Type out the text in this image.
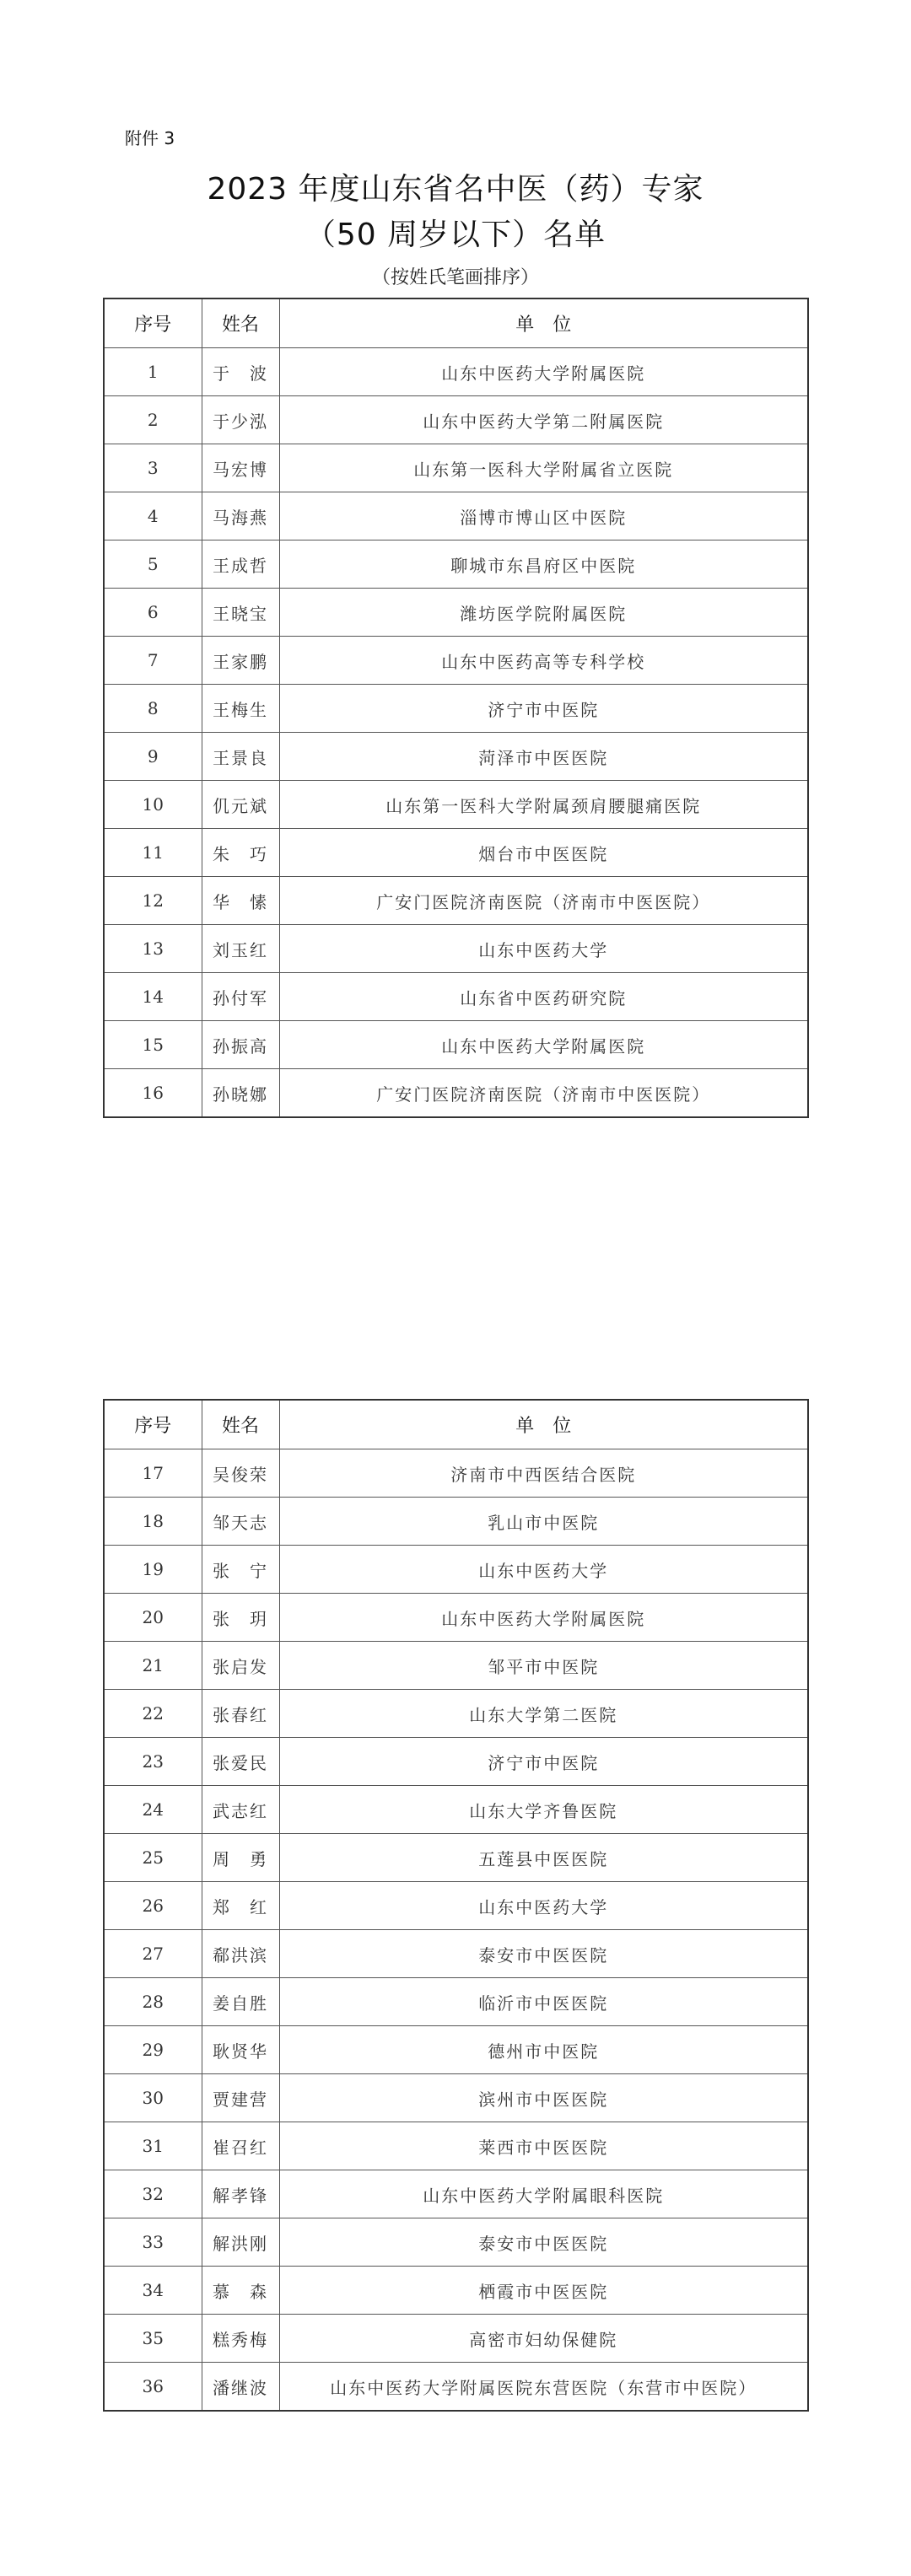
附件 3
2023 年度山东省名中医（药）专家
（50 周岁以下）名单
（按姓氏笔画排序）
序号	姓名	单　位
1	于　波	山东中医药大学附属医院
2	于少泓	山东中医药大学第二附属医院
3	马宏博	山东第一医科大学附属省立医院
4	马海燕	淄博市博山区中医院
5	王成哲	聊城市东昌府区中医院
6	王晓宝	潍坊医学院附属医院
7	王家鹏	山东中医药高等专科学校
8	王梅生	济宁市中医院
9	王景良	菏泽市中医医院
10	仉元斌	山东第一医科大学附属颈肩腰腿痛医院
11	朱　巧	烟台市中医医院
12	华　愫	广安门医院济南医院（济南市中医医院）
13	刘玉红	山东中医药大学
14	孙付军	山东省中医药研究院
15	孙振高	山东中医药大学附属医院
16	孙晓娜	广安门医院济南医院（济南市中医医院）
序号	姓名	单　位
17	吴俊荣	济南市中西医结合医院
18	邹天志	乳山市中医院
19	张　宁	山东中医药大学
20	张　玥	山东中医药大学附属医院
21	张启发	邹平市中医院
22	张春红	山东大学第二医院
23	张爱民	济宁市中医院
24	武志红	山东大学齐鲁医院
25	周　勇	五莲县中医医院
26	郑　红	山东中医药大学
27	郗洪滨	泰安市中医医院
28	姜自胜	临沂市中医医院
29	耿贤华	德州市中医院
30	贾建营	滨州市中医医院
31	崔召红	莱西市中医医院
32	解孝锋	山东中医药大学附属眼科医院
33	解洪刚	泰安市中医医院
34	慕　森	栖霞市中医医院
35	糕秀梅	高密市妇幼保健院
36	潘继波	山东中医药大学附属医院东营医院（东营市中医院）
